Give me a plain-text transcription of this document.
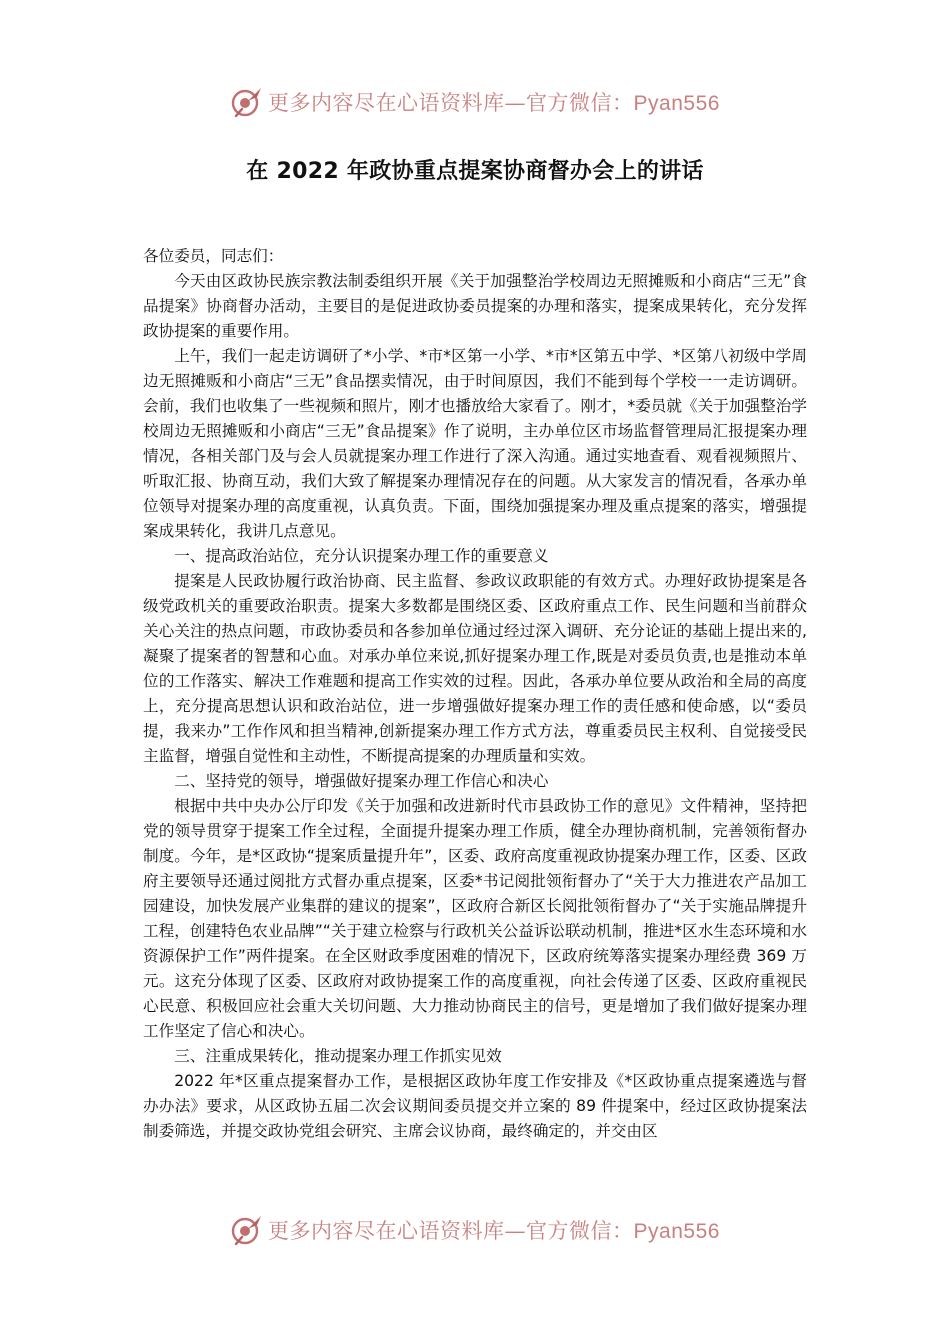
更多内容尽在心语资料库—官方微信：Pyan556
在 2022 年政协重点提案协商督办会上的讲话

各位委员，同志们：

今天由区政协民族宗教法制委组织开展《关于加强整治学校周边无照摊贩和小商店“三无”食品提案》协商督办活动，主要目的是促进政协委员提案的办理和落实，提案成果转化，充分发挥政协提案的重要作用。

上午，我们一起走访调研了*小学、*市*区第一小学、*市*区第五中学、*区第八初级中学周边无照摊贩和小商店“三无”食品摆卖情况，由于时间原因，我们不能到每个学校一一走访调研。会前，我们也收集了一些视频和照片，刚才也播放给大家看了。刚才，*委员就《关于加强整治学校周边无照摊贩和小商店“三无”食品提案》作了说明，主办单位区市场监督管理局汇报提案办理情况，各相关部门及与会人员就提案办理工作进行了深入沟通。通过实地查看、观看视频照片、听取汇报、协商互动，我们大致了解提案办理情况存在的问题。从大家发言的情况看，各承办单位领导对提案办理的高度重视，认真负责。下面，围绕加强提案办理及重点提案的落实，增强提案成果转化，我讲几点意见。

一、提高政治站位，充分认识提案办理工作的重要意义

提案是人民政协履行政治协商、民主监督、参政议政职能的有效方式。办理好政协提案是各级党政机关的重要政治职责。提案大多数都是围绕区委、区政府重点工作、民生问题和当前群众关心关注的热点问题，市政协委员和各参加单位通过经过深入调研、充分论证的基础上提出来的,凝聚了提案者的智慧和心血。对承办单位来说,抓好提案办理工作,既是对委员负责,也是推动本单位的工作落实、解决工作难题和提高工作实效的过程。因此，各承办单位要从政治和全局的高度上，充分提高思想认识和政治站位，进一步增强做好提案办理工作的责任感和使命感，以“委员提，我来办”工作作风和担当精神,创新提案办理工作方式方法，尊重委员民主权利、自觉接受民主监督，增强自觉性和主动性，不断提高提案的办理质量和实效。

二、坚持党的领导，增强做好提案办理工作信心和决心

根据中共中央办公厅印发《关于加强和改进新时代市县政协工作的意见》文件精神，坚持把党的领导贯穿于提案工作全过程，全面提升提案办理工作质，健全办理协商机制，完善领衔督办制度。今年，是*区政协“提案质量提升年”，区委、政府高度重视政协提案办理工作，区委、区政府主要领导还通过阅批方式督办重点提案，区委*书记阅批领衔督办了“关于大力推进农产品加工园建设，加快发展产业集群的建议的提案”，区政府合新区长阅批领衔督办了“关于实施品牌提升工程，创建特色农业品牌”“关于建立检察与行政机关公益诉讼联动机制，推进*区水生态环境和水资源保护工作”两件提案。在全区财政季度困难的情况下，区政府统筹落实提案办理经费 369 万元。这充分体现了区委、区政府对政协提案工作的高度重视，向社会传递了区委、区政府重视民心民意、积极回应社会重大关切问题、大力推动协商民主的信号，更是增加了我们做好提案办理工作坚定了信心和决心。

三、注重成果转化，推动提案办理工作抓实见效

2022 年*区重点提案督办工作，是根据区政协年度工作安排及《*区政协重点提案遴选与督办办法》要求，从区政协五届二次会议期间委员提交并立案的 89 件提案中，经过区政协提案法制委筛选，并提交政协党组会研究、主席会议协商，最终确定的，并交由区

更多内容尽在心语资料库—官方微信：Pyan556
